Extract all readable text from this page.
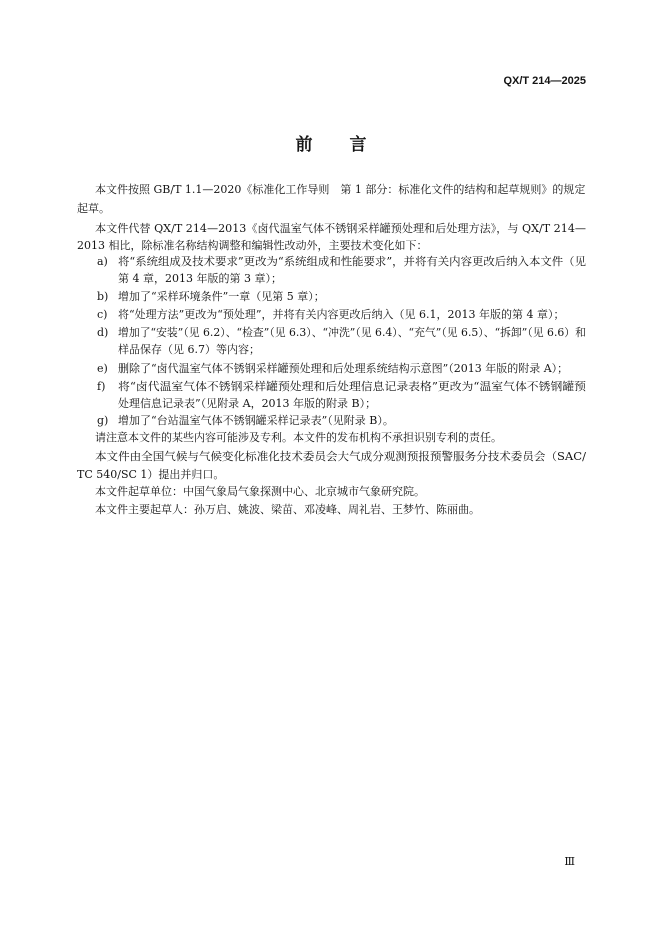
QX/T 214—2025
前　言
本文件按照 GB/T 1.1—2020《标准化工作导则　第 1 部分：标准化文件的结构和起草规则》的规定
起草。
本文件代替 QX/T 214—2013《卤代温室气体不锈钢采样罐预处理和后处理方法》，与 QX/T 214—
2013 相比，除标准名称结构调整和编辑性改动外，主要技术变化如下：
a) 将“系统组成及技术要求”更改为“系统组成和性能要求”，并将有关内容更改后纳入本文件（见
第 4 章，2013 年版的第 3 章）；
b) 增加了“采样环境条件”一章（见第 5 章）；
c) 将“处理方法”更改为“预处理”，并将有关内容更改后纳入（见 6.1，2013 年版的第 4 章）；
d) 增加了“安装”（见 6.2）、“检查”（见 6.3）、“冲洗”（见 6.4）、“充气”（见 6.5）、“拆卸”（见 6.6）和
样品保存（见 6.7）等内容；
e) 删除了“卤代温室气体不锈钢采样罐预处理和后处理系统结构示意图”（2013 年版的附录 A）；
f) 将“卤代温室气体不锈钢采样罐预处理和后处理信息记录表格”更改为“温室气体不锈钢罐预
处理信息记录表”（见附录 A，2013 年版的附录 B）；
g) 增加了“台站温室气体不锈钢罐采样记录表”（见附录 B）。
请注意本文件的某些内容可能涉及专利。本文件的发布机构不承担识别专利的责任。
本文件由全国气候与气候变化标准化技术委员会大气成分观测预报预警服务分技术委员会（SAC/
TC 540/SC 1）提出并归口。
本文件起草单位：中国气象局气象探测中心、北京城市气象研究院。
本文件主要起草人：孙万启、姚波、梁苗、邓凌峰、周礼岩、王梦竹、陈丽曲。
Ⅲ
